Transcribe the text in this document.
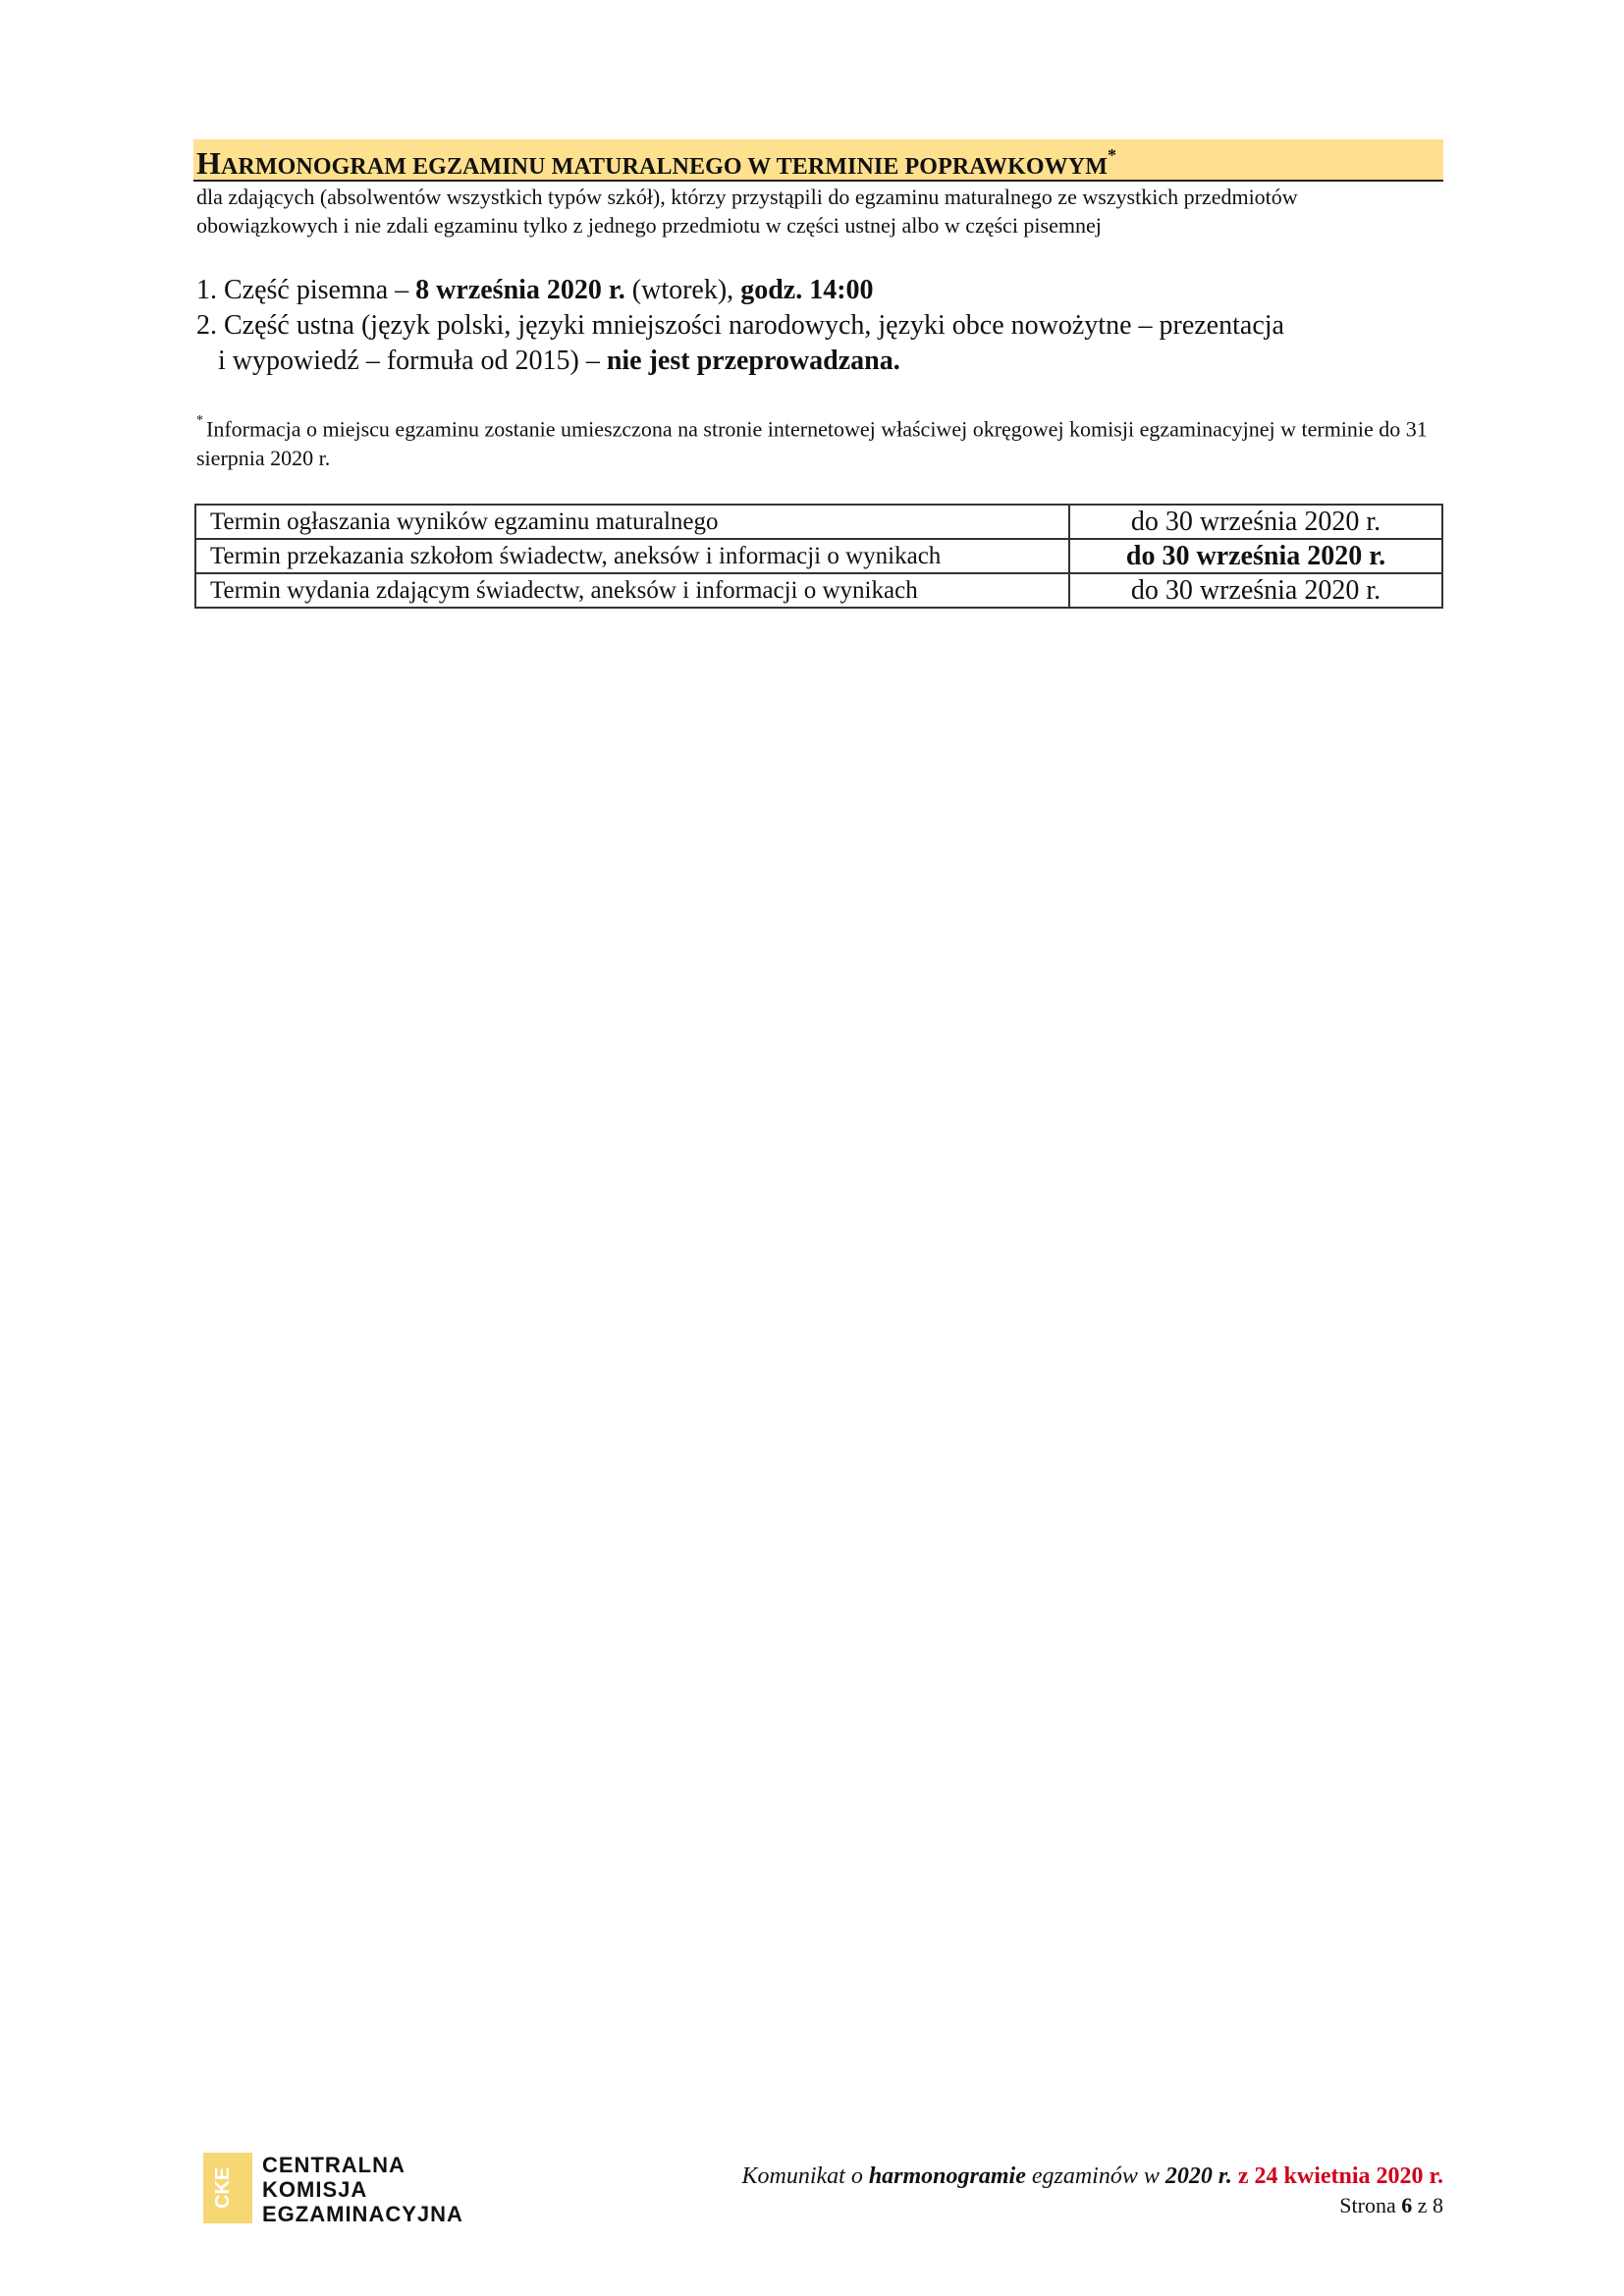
HARMONOGRAM EGZAMINU MATURALNEGO W TERMINIE POPRAWKOWYM*
dla zdających (absolwentów wszystkich typów szkół), którzy przystąpili do egzaminu maturalnego ze wszystkich przedmiotów obowiązkowych i nie zdali egzaminu tylko z jednego przedmiotu w części ustnej albo w części pisemnej
1. Część pisemna – 8 września 2020 r. (wtorek), godz. 14:00
2. Część ustna (język polski, języki mniejszości narodowych, języki obce nowożytne – prezentacja
i wypowiedź – formuła od 2015) – nie jest przeprowadzana.
* Informacja o miejscu egzaminu zostanie umieszczona na stronie internetowej właściwej okręgowej komisji egzaminacyjnej w terminie do 31 sierpnia 2020 r.
Termin ogłaszania wyników egzaminu maturalnego	do 30 września 2020 r.
Termin przekazania szkołom świadectw, aneksów i informacji o wynikach	do 30 września 2020 r.
Termin wydania zdającym świadectw, aneksów i informacji o wynikach	do 30 września 2020 r.
CKE
CENTRALNA
KOMISJA
EGZAMINACYJNA
Komunikat o harmonogramie egzaminów w 2020 r. z 24 kwietnia 2020 r.
Strona 6 z 8
